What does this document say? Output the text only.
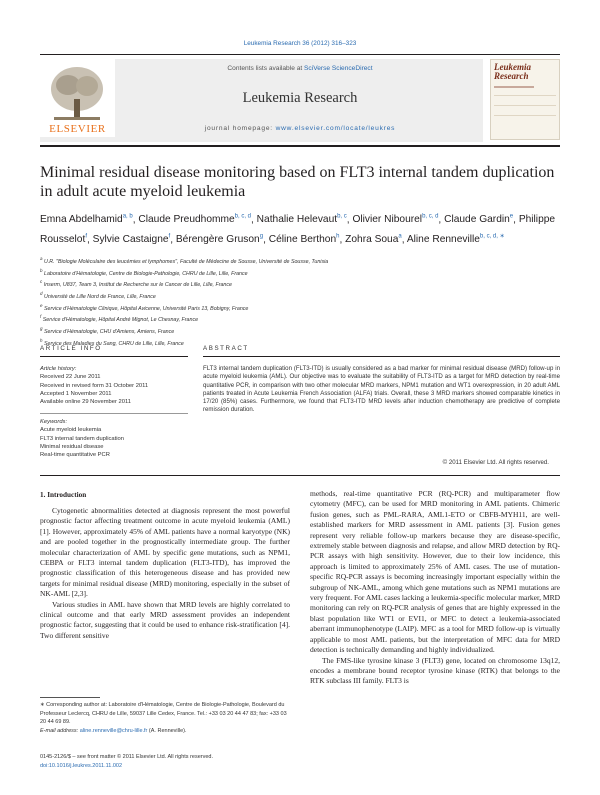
Leukemia Research 36 (2012) 316–323
ELSEVIER
Contents lists available at SciVerse ScienceDirect
Leukemia Research
journal homepage: www.elsevier.com/locate/leukres
Leukemia
Research
Minimal residual disease monitoring based on FLT3 internal tandem duplication
in adult acute myeloid leukemia
Emna Abdelhamid$^{a, b}$, Claude Preudhomme$^{b, c, d}$, Nathalie Helevaut$^{b, c}$, Olivier Nibourel$^{b, c, d}$, Claude Gardin$^e$, Philippe Rousselot$^f$, Sylvie Castaigne$^f$, Bérengère Gruson$^g$, Céline Berthon$^h$, Zohra Soua$^a$, Aline Renneville$^{b, c, d, ∗}$
$^a$ U.R. "Biologie Moléculaire des leucémies et lymphomes", Faculté de Médecine de Sousse, Université de Sousse, Tunisia
$^b$ Laboratoire d'Hématologie, Centre de Biologie-Pathologie, CHRU de Lille, Lille, France
$^c$ Inserm, U837, Team 3, Institut de Recherche sur le Cancer de Lille, Lille, France
$^d$ Université de Lille Nord de France, Lille, France
$^e$ Service d'Hématologie Clinique, Hôpital Avicenne, Université Paris 13, Bobigny, France
$^f$ Service d'Hématologie, Hôpital André Mignot, Le Chesnay, France
$^g$ Service d'Hématologie, CHU d'Amiens, Amiens, France
$^h$ Service des Maladies du Sang, CHRU de Lille, Lille, France
ARTICLE INFO	ABSTRACT
Article history:
Received 22 June 2011
Received in revised form 31 October 2011
Accepted 1 November 2011
Available online 29 November 2011
Keywords:
Acute myeloid leukemia
FLT3 internal tandem duplication
Minimal residual disease
Real-time quantitative PCR
FLT3 internal tandem duplication (FLT3-ITD) is usually considered as a bad marker for minimal residual disease (MRD) follow-up in acute myeloid leukemia (AML). Our objective was to evaluate the suitability of FLT3-ITD as a target for MRD detection by real-time quantitative PCR, in comparison with two other molecular MRD markers, NPM1 mutation and WT1 overexpression, in 20 adult AML patients treated in Acute Leukemia French Association (ALFA) trials. Overall, these 3 MRD markers showed comparable kinetics in 17/20 (85%) cases. Furthermore, we found that FLT3-ITD MRD levels after induction chemotherapy are predictive of complete remission duration.
© 2011 Elsevier Ltd. All rights reserved.
1. Introduction

Cytogenetic abnormalities detected at diagnosis represent the most powerful prognostic factor affecting treatment outcome in acute myeloid leukemia (AML) [1]. However, approximately 45% of AML patients have a normal karyotype (NK) and are pooled together in the prognostically intermediate group. The further molecular characterization of AML by specific gene mutations, such as NPM1, CEBPA or FLT3 internal tandem duplication (FLT3-ITD), has improved the prognostic classification of this heterogeneous disease and has provided new targets for minimal residual disease (MRD) monitoring, especially in the subset of NK-AML [2,3].

Various studies in AML have shown that MRD levels are highly correlated to clinical outcome and that early MRD assessment provides an independent prognostic factor, suggesting that it could be used to enhance risk-stratification [4]. Two different sensitive

methods, real-time quantitative PCR (RQ-PCR) and multiparameter flow cytometry (MFC), can be used for MRD monitoring in AML patients. Chimeric fusion genes, such as PML-RARA, AML1-ETO or CBFB-MYH11, are well-established markers for MRD assessment in AML patients [3]. Fusion genes represent very reliable follow-up markers because they are disease-specific, extremely stable between diagnosis and relapse, and allow MRD detection by RQ-PCR assays with high sensitivity. However, due to their low incidence, this approach is limited to approximately 25% of AML cases. The use of mutation-specific RQ-PCR assays is becoming increasingly important especially within the subgroup of NK-AML, among which gene mutations such as NPM1 mutations are very frequent. For AML cases lacking a leukemia-specific molecular marker, MRD monitoring can rely on RQ-PCR analysis of genes that are highly expressed in the blast population like WT1 or EVI1, or MFC to detect a leukemia-associated aberrant immunophenotype (LAIP). MFC as a tool for MRD follow-up is virtually applicable to most AML patients, but the interpretation of MFC data for MRD detection is technically demanding and highly individualized.

The FMS-like tyrosine kinase 3 (FLT3) gene, located on chromosome 13q12, encodes a membrane bound receptor tyrosine kinase (RTK) that belongs to the RTK subclass III family. FLT3 is

∗ Corresponding author at: Laboratoire d'Hématologie, Centre de Biologie-Pathologie, Boulevard du Professeur Leclercq, CHRU de Lille, 59037 Lille Cedex, France. Tel.: +33 03 20 44 47 83; fax: +33 03 20 44 69 89.
E-mail address: aline.renneville@chru-lille.fr (A. Renneville).
0145-2126/$ – see front matter © 2011 Elsevier Ltd. All rights reserved.
doi:10.1016/j.leukres.2011.11.002
